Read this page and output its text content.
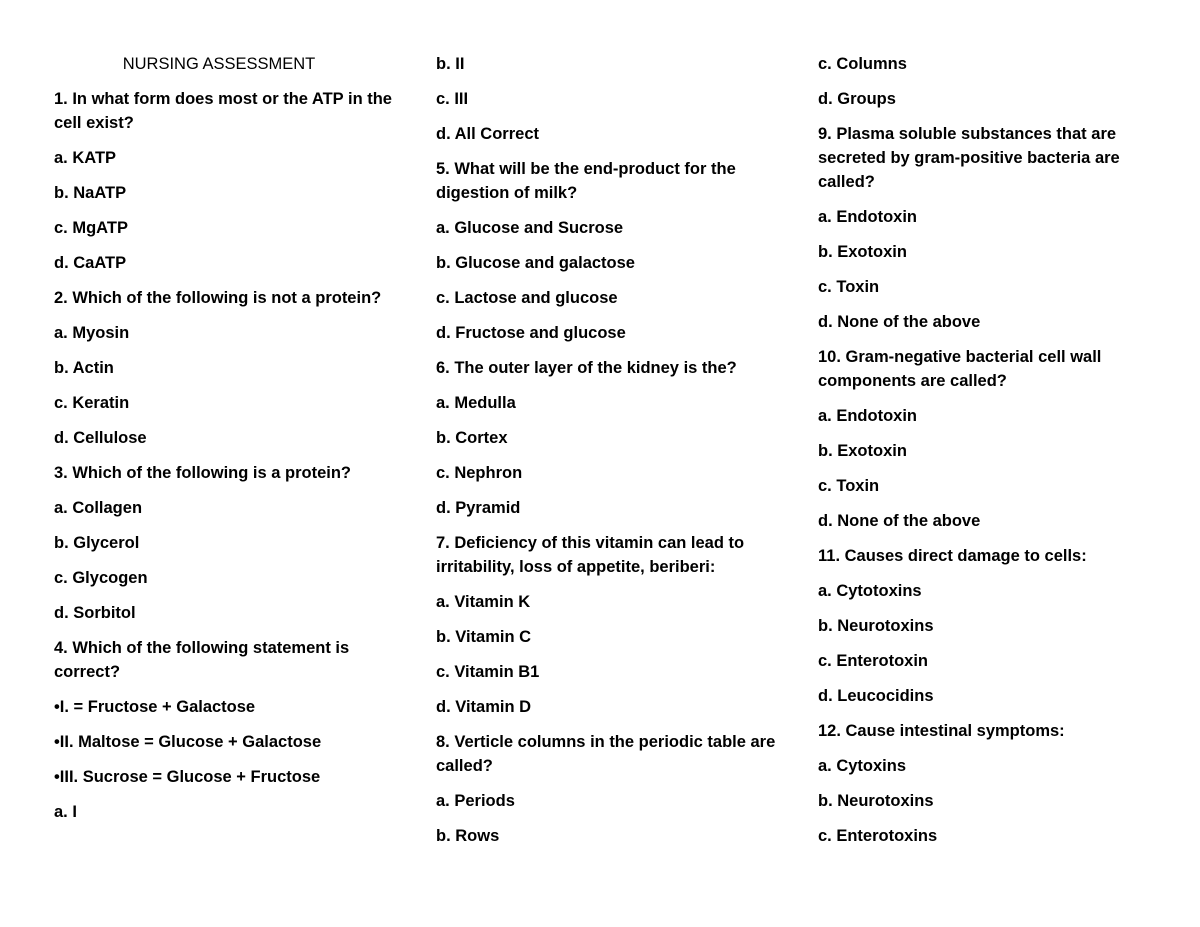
NURSING ASSESSMENT
1. In what form does most or the ATP in the cell exist?
a. KATP
b. NaATP
c. MgATP
d. CaATP
2. Which of the following is not a protein?
a. Myosin
b. Actin
c. Keratin
d. Cellulose
3. Which of the following is a protein?
a. Collagen
b. Glycerol
c. Glycogen
d. Sorbitol
4. Which of the following statement is correct?
•I. = Fructose + Galactose
•II. Maltose = Glucose + Galactose
•III. Sucrose = Glucose + Fructose
a. I
b. II
c. III
d. All Correct
5. What will be the end-product for the digestion of milk?
a. Glucose and Sucrose
b. Glucose and galactose
c. Lactose and glucose
d. Fructose and glucose
6. The outer layer of the kidney is the?
a. Medulla
b. Cortex
c. Nephron
d. Pyramid
7. Deficiency of this vitamin can lead to irritability, loss of appetite, beriberi:
a. Vitamin K
b. Vitamin C
c. Vitamin B1
d. Vitamin D
8. Verticle columns in the periodic table are called?
a. Periods
b. Rows
c. Columns
d. Groups
9. Plasma soluble substances that are secreted by gram-positive bacteria are called?
a. Endotoxin
b. Exotoxin
c. Toxin
d. None of the above
10. Gram-negative bacterial cell wall components are called?
a. Endotoxin
b. Exotoxin
c. Toxin
d. None of the above
11. Causes direct damage to cells:
a. Cytotoxins
b. Neurotoxins
c. Enterotoxin
d. Leucocidins
12. Cause intestinal symptoms:
a. Cytoxins
b. Neurotoxins
c. Enterotoxins
